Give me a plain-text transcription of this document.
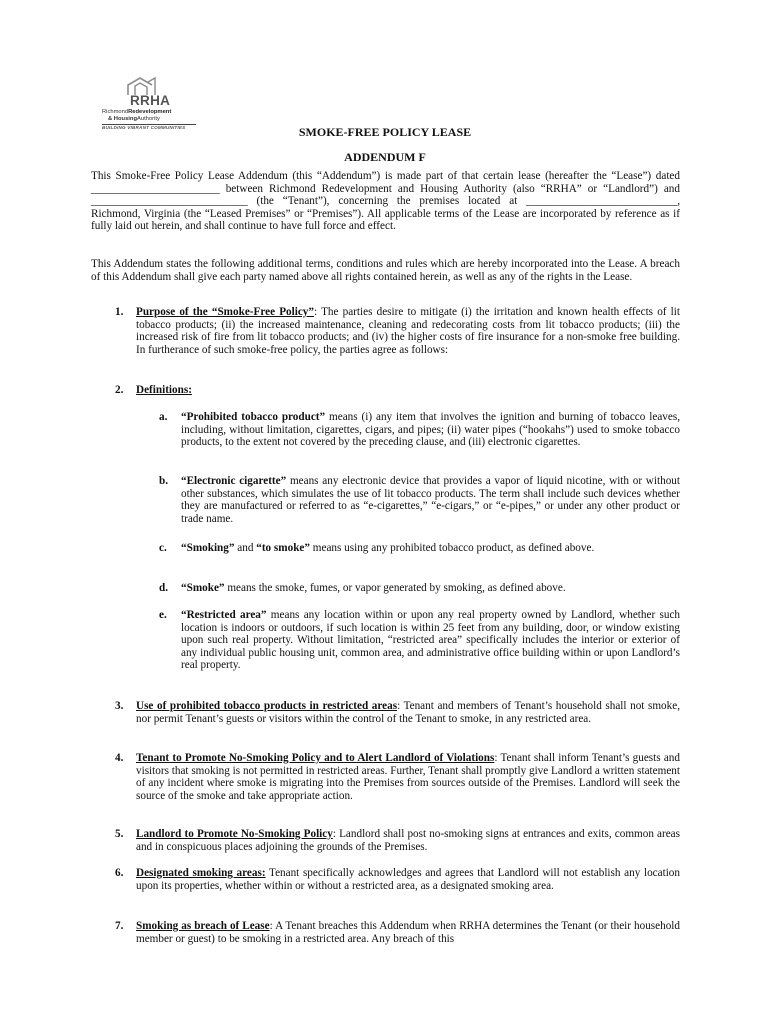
RRHA
RichmondRedevelopment
& HousingAuthority
BUILDING VIBRANT COMMUNITIES	SMOKE-FREE POLICY LEASE
ADDENDUM F
This Smoke-Free Policy Lease Addendum (this “Addendum”) is made part of that certain lease (hereafter the “Lease”) dated _______________________ between Richmond Redevelopment and Housing Authority (also “RRHA” or “Landlord”) and ____________________________ (the “Tenant”), concerning the premises located at ___________________________, Richmond, Virginia (the “Leased Premises” or “Premises”). All applicable terms of the Lease are incorporated by reference as if fully laid out herein, and shall continue to have full force and effect.
This Addendum states the following additional terms, conditions and rules which are hereby incorporated into the Lease. A breach of this Addendum shall give each party named above all rights contained herein, as well as any of the rights in the Lease.
1. Purpose of the “Smoke-Free Policy”: The parties desire to mitigate (i) the irritation and known health effects of lit tobacco products; (ii) the increased maintenance, cleaning and redecorating costs from lit tobacco products; (iii) the increased risk of fire from lit tobacco products; and (iv) the higher costs of fire insurance for a non-smoke free building. In furtherance of such smoke-free policy, the parties agree as follows:
2. Definitions:
a. “Prohibited tobacco product” means (i) any item that involves the ignition and burning of tobacco leaves, including, without limitation, cigarettes, cigars, and pipes; (ii) water pipes (“hookahs”) used to smoke tobacco products, to the extent not covered by the preceding clause, and (iii) electronic cigarettes.
b. “Electronic cigarette” means any electronic device that provides a vapor of liquid nicotine, with or without other substances, which simulates the use of lit tobacco products. The term shall include such devices whether they are manufactured or referred to as “e-cigarettes,” “e-cigars,” or “e-pipes,” or under any other product or trade name.
c. “Smoking” and “to smoke” means using any prohibited tobacco product, as defined above.
d. “Smoke” means the smoke, fumes, or vapor generated by smoking, as defined above.
e. “Restricted area” means any location within or upon any real property owned by Landlord, whether such location is indoors or outdoors, if such location is within 25 feet from any building, door, or window existing upon such real property. Without limitation, “restricted area” specifically includes the interior or exterior of any individual public housing unit, common area, and administrative office building within or upon Landlord’s real property.
3. Use of prohibited tobacco products in restricted areas: Tenant and members of Tenant’s household shall not smoke, nor permit Tenant’s guests or visitors within the control of the Tenant to smoke, in any restricted area.
4. Tenant to Promote No-Smoking Policy and to Alert Landlord of Violations: Tenant shall inform Tenant’s guests and visitors that smoking is not permitted in restricted areas. Further, Tenant shall promptly give Landlord a written statement of any incident where smoke is migrating into the Premises from sources outside of the Premises. Landlord will seek the source of the smoke and take appropriate action.
5. Landlord to Promote No-Smoking Policy: Landlord shall post no-smoking signs at entrances and exits, common areas and in conspicuous places adjoining the grounds of the Premises.
6. Designated smoking areas: Tenant specifically acknowledges and agrees that Landlord will not establish any location upon its properties, whether within or without a restricted area, as a designated smoking area.
7. Smoking as breach of Lease: A Tenant breaches this Addendum when RRHA determines the Tenant (or their household member or guest) to be smoking in a restricted area. Any breach of this
